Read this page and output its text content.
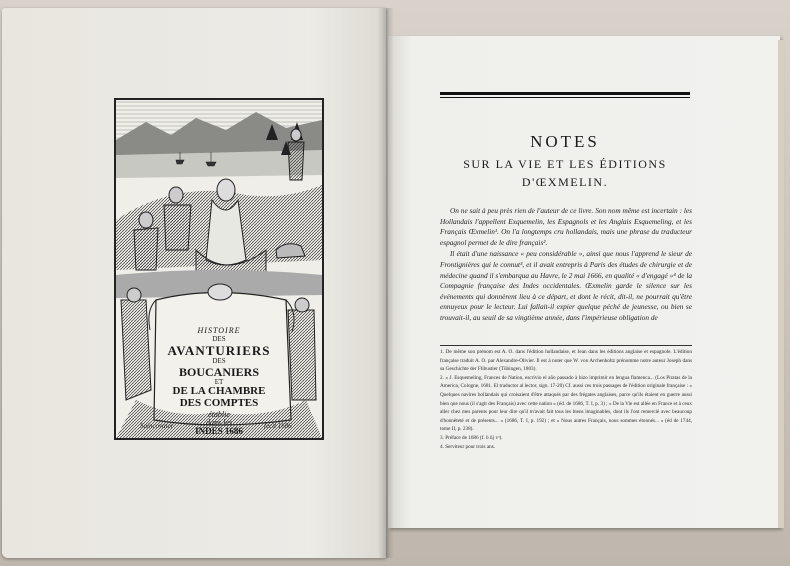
HISTOIRE
DES
AVANTURIERS
DES
BOUCANIERS
ET
DE LA CHAMBRE
DES COMPTES
établie
dans les
INDES 1686
Saincovater	fecit 1686
NOTES
SUR LA VIE ET LES ÉDITIONS
D'ŒXMELIN.

On ne sait à peu près rien de l'auteur de ce livre. Son nom même est incertain : les Hollandais l'appellent Exquemelin, les Espagnols et les Anglais Esquemeling, et les Français Œxmelin¹. On l'a longtemps cru hollandais, mais une phrase du traducteur espagnol permet de le dire français².

Il était d'une naissance « peu considérable », ainsi que nous l'apprend le sieur de Frontignières qui le connut³, et il avait entrepris à Paris des études de chirurgie et de médecine quand il s'embarqua au Havre, le 2 mai 1666, en qualité « d'engagé »⁴ de la Compagnie française des Indes occidentales. Œxmelin garde le silence sur les événements qui donnèrent lieu à ce départ, et dont le récit, dit-il, ne pourrait qu'être ennuyeux pour le lecteur. Lui fallait-il expier quelque péché de jeunesse, ou bien se trouvait-il, au seuil de sa vingtième année, dans l'impérieuse obligation de

1. De même son prénom est A. O. dans l'édition hollandaise, et Jean dans les éditions anglaise et espagnole. L'édition française traduit A. O. par Alexandre-Olivier. Il est à noter que W. von Archenholtz prénomme notre auteur Joseph dans sa Geschichte der Flibustier (Tübingen, 1803).

2. « J. Esquemeling, Frances de Nation, escrivio el año passado à hizo imprimir en lengua flamenca... (Los Piratas de la America, Cologne, 1681. El traductor al lector, sign. 17-20) Cf. aussi ces trois passages de l'édition originale française : « Quelques navires hollandais qui croisaient d'être attaqués par des frégates anglaises, parce qu'ils étaient en guerre aussi bien que nous (il s'agit des Français) avec cette nation » (éd. de 1686, T. I, p. 3) ; « De la Vie est allée en France et à ceux aller chez mes parents pour leur dire qu'il m'avait fait tous les biens imaginables, dont ils l'ont remercié avec beaucoup d'honnêteté et de présents... » (1686, T. I, p. 192) ; et « Nous autres Français, nous sommes étonnés... » (éd de 1744, tome II, p. 238).

3. Préface de 1686 (f. b iij vᵒ).

4. Serviteur pour trois ans.
